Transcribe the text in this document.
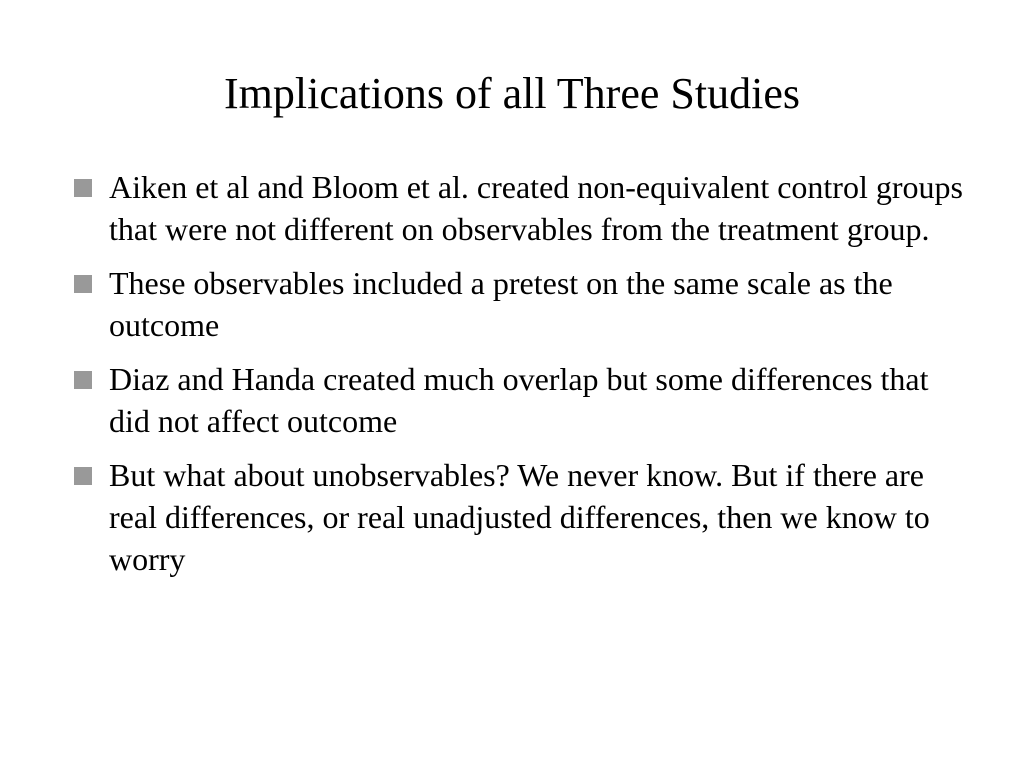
Implications of all Three Studies
Aiken et al and Bloom et al. created non-equivalent control groups that were not different on observables from the treatment group.
These observables included a pretest on the same scale as the outcome
Diaz and Handa created much overlap but some differences that did not affect outcome
But what about unobservables? We never know. But if there are real differences, or real unadjusted differences, then we know to worry
